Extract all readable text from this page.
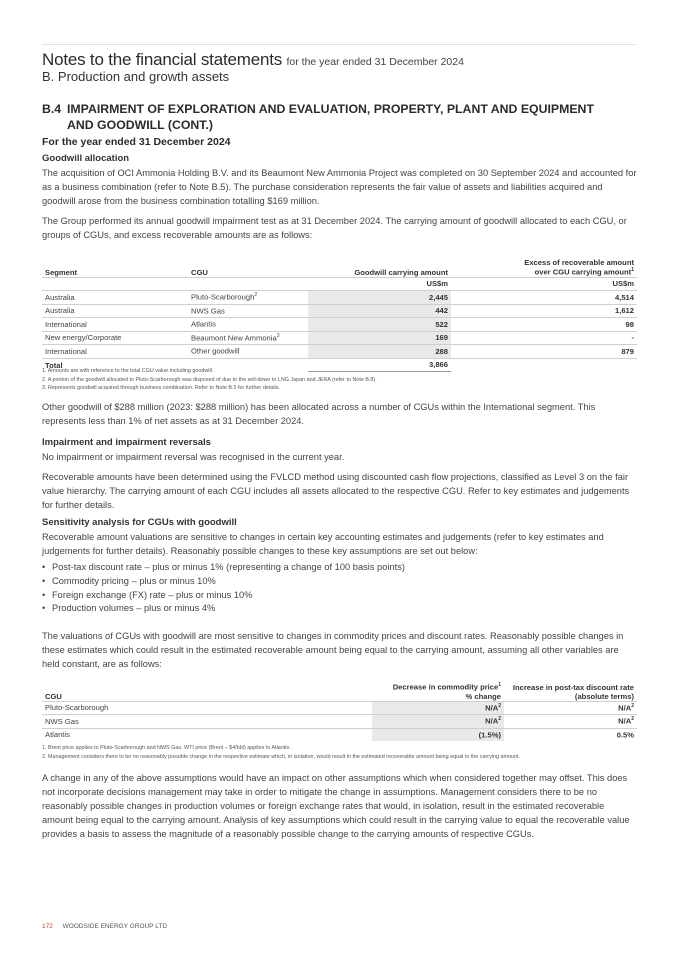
Notes to the financial statements for the year ended 31 December 2024
B. Production and growth assets
B.4 IMPAIRMENT OF EXPLORATION AND EVALUATION, PROPERTY, PLANT AND EQUIPMENT
AND GOODWILL (CONT.)
For the year ended 31 December 2024
Goodwill allocation
The acquisition of OCI Ammonia Holding B.V. and its Beaumont New Ammonia Project was completed on 30 September 2024 and accounted for as a business combination (refer to Note B.5). The purchase consideration represents the fair value of assets and liabilities acquired and goodwill arose from the business combination totalling $169 million.
The Group performed its annual goodwill impairment test as at 31 December 2024. The carrying amount of goodwill allocated to each CGU, or groups of CGUs, and excess recoverable amounts are as follows:
Segment	CGU	Goodwill carrying amount	Excess of recoverable amount
over CGU carrying amount$^1$
		US$m	US$m
Australia	Pluto-Scarborough$^2$	2,445	4,514
Australia	NWS Gas	442	1,612
International	Atlantis	522	98
New energy/Corporate	Beaumont New Ammonia$^3$	169	-
International	Other goodwill	288	879
Total		3,866	
1. Amounts are with reference to the total CGU value including goodwill.
2. A portion of the goodwill allocated to Pluto-Scarborough was disposed of due to the sell-down to LNG Japan and JERA (refer to Note B.8).
3. Represents goodwill acquired through business combination. Refer to Note B.5 for further details.
Other goodwill of $288 million (2023: $288 million) has been allocated across a number of CGUs within the International segment. This represents less than 1% of net assets as at 31 December 2024.
Impairment and impairment reversals
No impairment or impairment reversal was recognised in the current year.
Recoverable amounts have been determined using the FVLCD method using discounted cash flow projections, classified as Level 3 on the fair value hierarchy. The carrying amount of each CGU includes all assets allocated to the respective CGU. Refer to key estimates and judgements for further details.
Sensitivity analysis for CGUs with goodwill
Recoverable amount valuations are sensitive to changes in certain key accounting estimates and judgements (refer to key estimates and judgements for further details). Reasonably possible changes to these key assumptions are set out below:
• Post-tax discount rate – plus or minus 1% (representing a change of 100 basis points)
• Commodity pricing – plus or minus 10%
• Foreign exchange (FX) rate – plus or minus 10%
• Production volumes – plus or minus 4%
The valuations of CGUs with goodwill are most sensitive to changes in commodity prices and discount rates. Reasonably possible changes in these estimates which could result in the estimated recoverable amount being equal to the carrying amount, assuming all other variables are held constant, are as follows:
CGU	Decrease in commodity price$^1$
% change	Increase in post-tax discount rate
(absolute terms)
Pluto-Scarborough	$N/A^2$	$N/A^2$
NWS Gas	$N/A^2$	$N/A^2$
Atlantis	(1.5%)	0.5%
1. Brent price applies to Pluto-Scarborough and NWS Gas. WTI price (Brent – $4/bbl) applies to Atlantis.
2. Management considers there to be no reasonably possible change in the respective estimate which, in isolation, would result in the estimated recoverable amount being equal to the carrying amount.
A change in any of the above assumptions would have an impact on other assumptions which when considered together may offset. This does not incorporate decisions management may take in order to mitigate the change in assumptions. Management considers there to be no reasonably possible changes in production volumes or foreign exchange rates that would, in isolation, result in the estimated recoverable amount being equal to the carrying amount. Analysis of key assumptions which could result in the carrying value to equal the recoverable value provides a basis to assess the magnitude of a reasonably possible change to the carrying amounts of respective CGUs.
172 WOODSIDE ENERGY GROUP LTD
